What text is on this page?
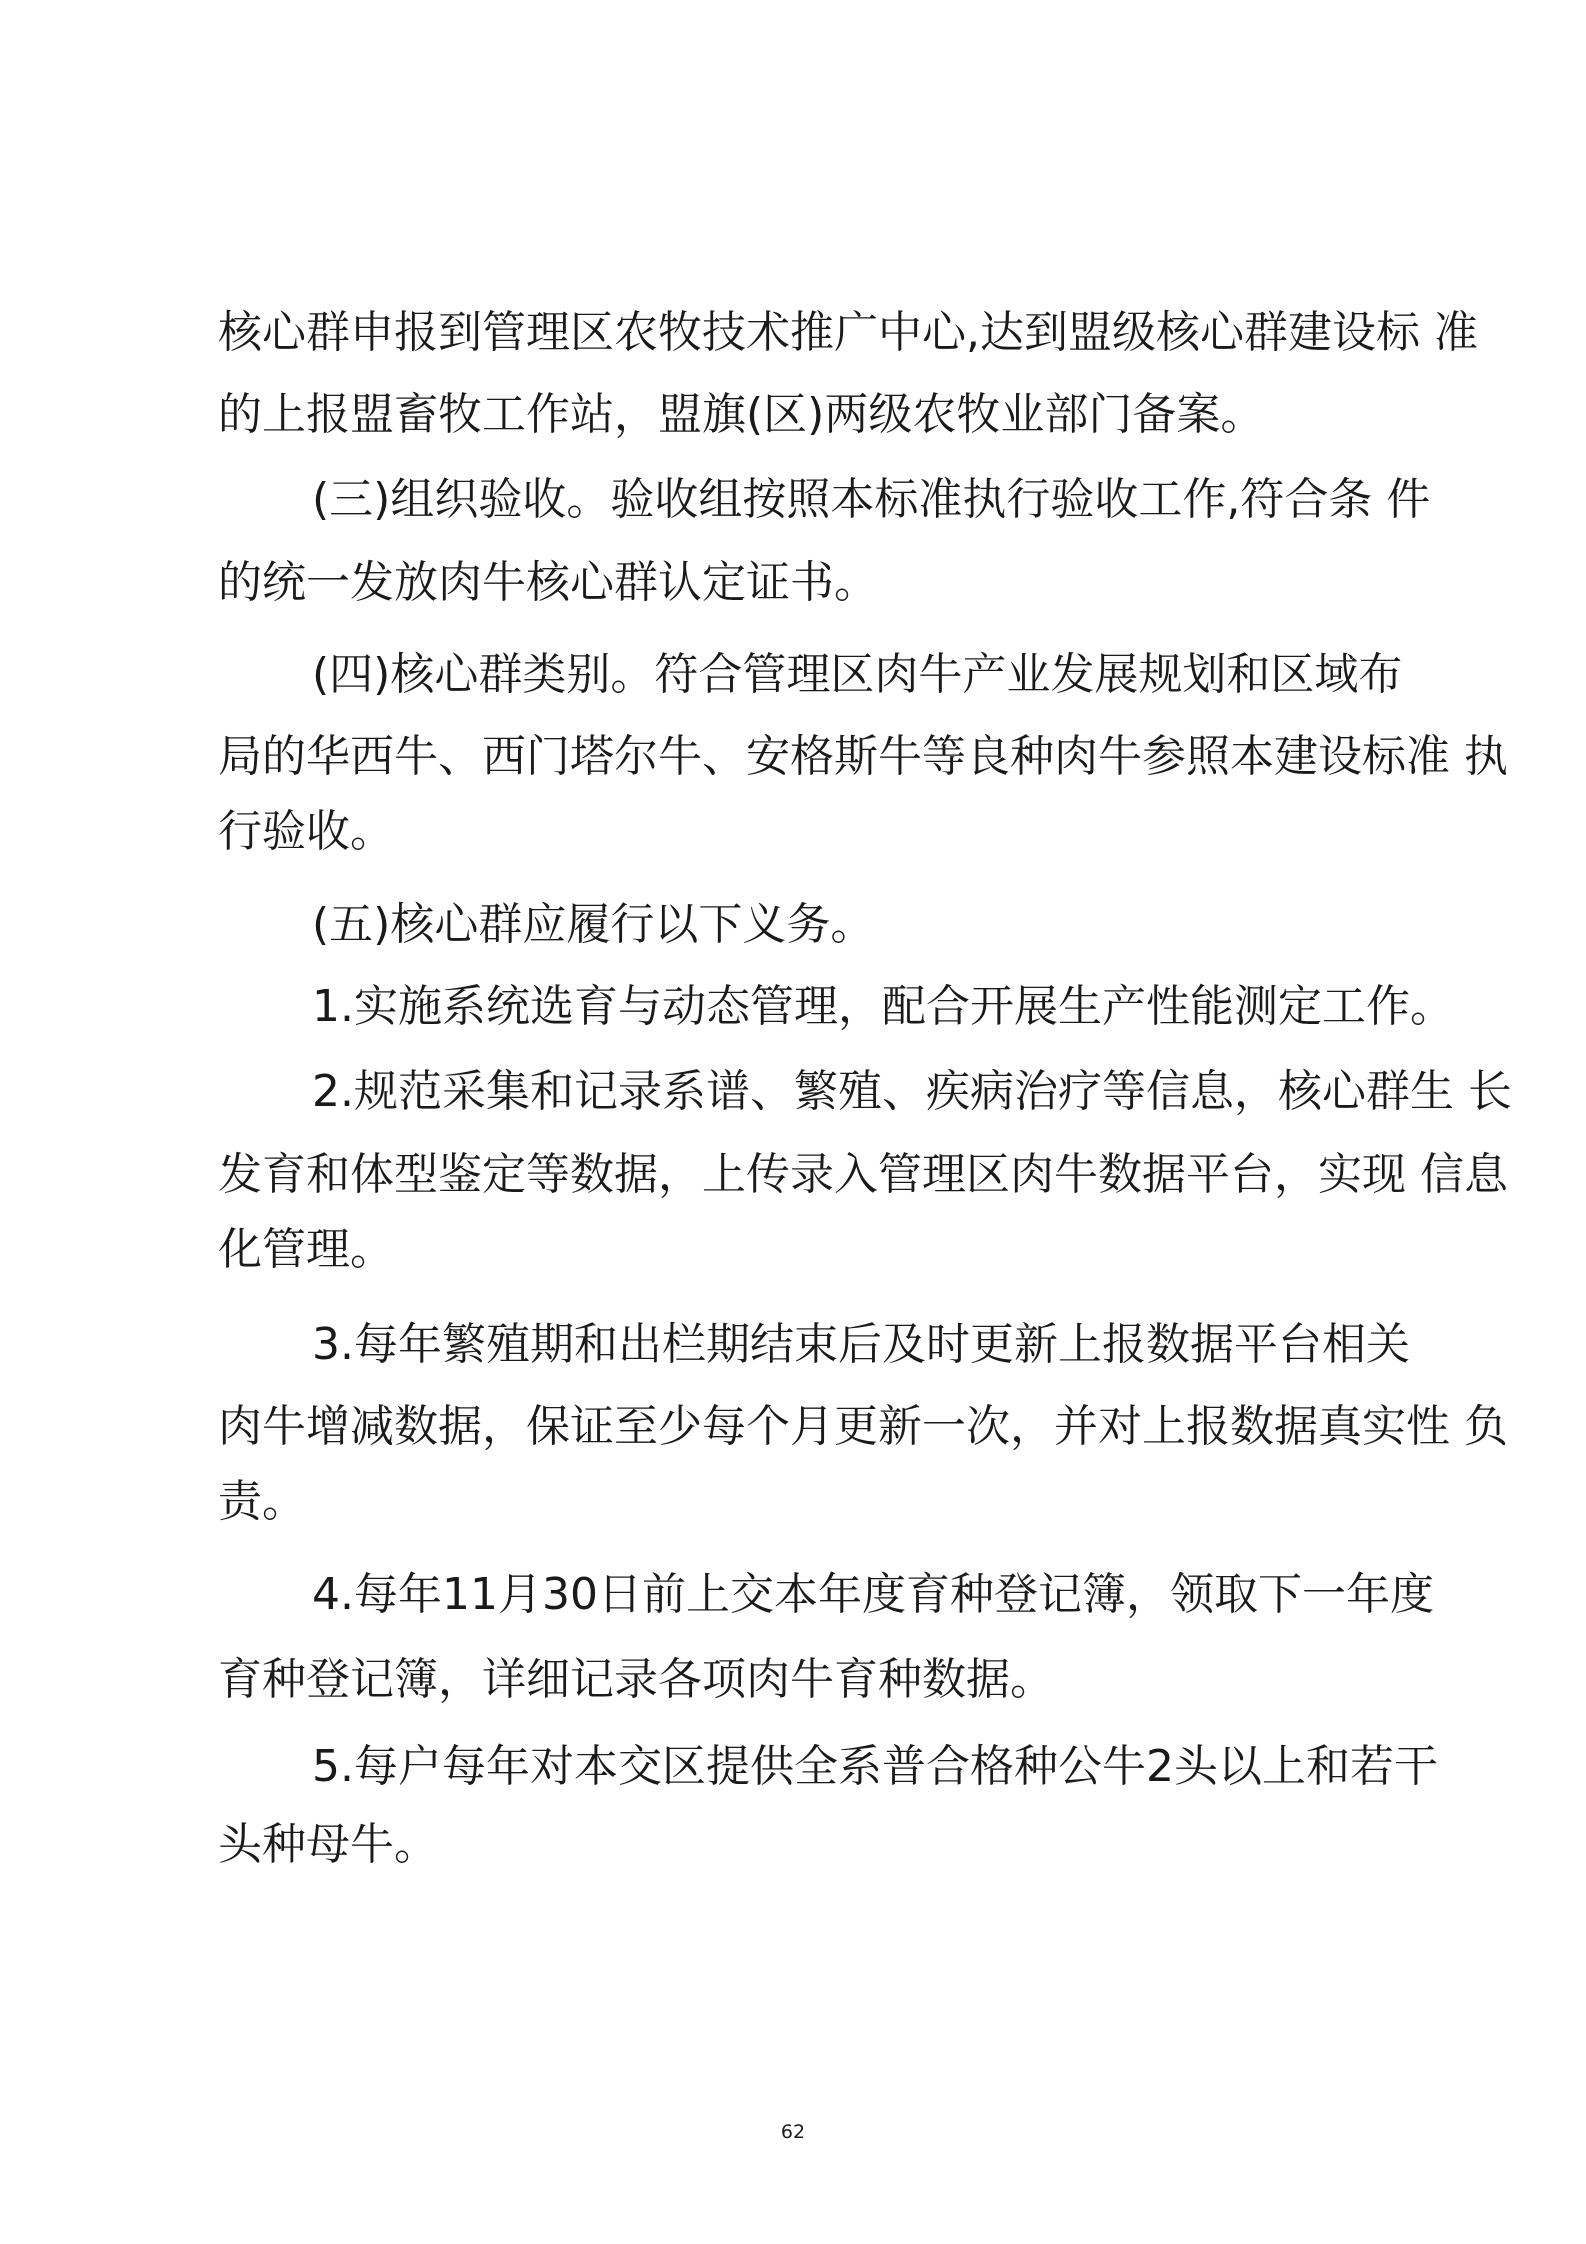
核心群申报到管理区农牧技术推广中心,达到盟级核心群建设标 准
的上报盟畜牧工作站，盟旗(区)两级农牧业部门备案。
(三)组织验收。验收组按照本标准执行验收工作,符合条 件
的统一发放肉牛核心群认定证书。
(四)核心群类别。符合管理区肉牛产业发展规划和区域布
局的华西牛、西门塔尔牛、安格斯牛等良种肉牛参照本建设标准 执
行验收。
(五)核心群应履行以下义务。
1.实施系统选育与动态管理，配合开展生产性能测定工作。
2.规范采集和记录系谱、繁殖、疾病治疗等信息，核心群生 长
发育和体型鉴定等数据，上传录入管理区肉牛数据平台，实现 信息
化管理。
3.每年繁殖期和出栏期结束后及时更新上报数据平台相关
肉牛增减数据，保证至少每个月更新一次，并对上报数据真实性 负
责。
4.每年11月30日前上交本年度育种登记簿，领取下一年度
育种登记簿，详细记录各项肉牛育种数据。
5.每户每年对本交区提供全系普合格种公牛2头以上和若干
头种母牛。
62
